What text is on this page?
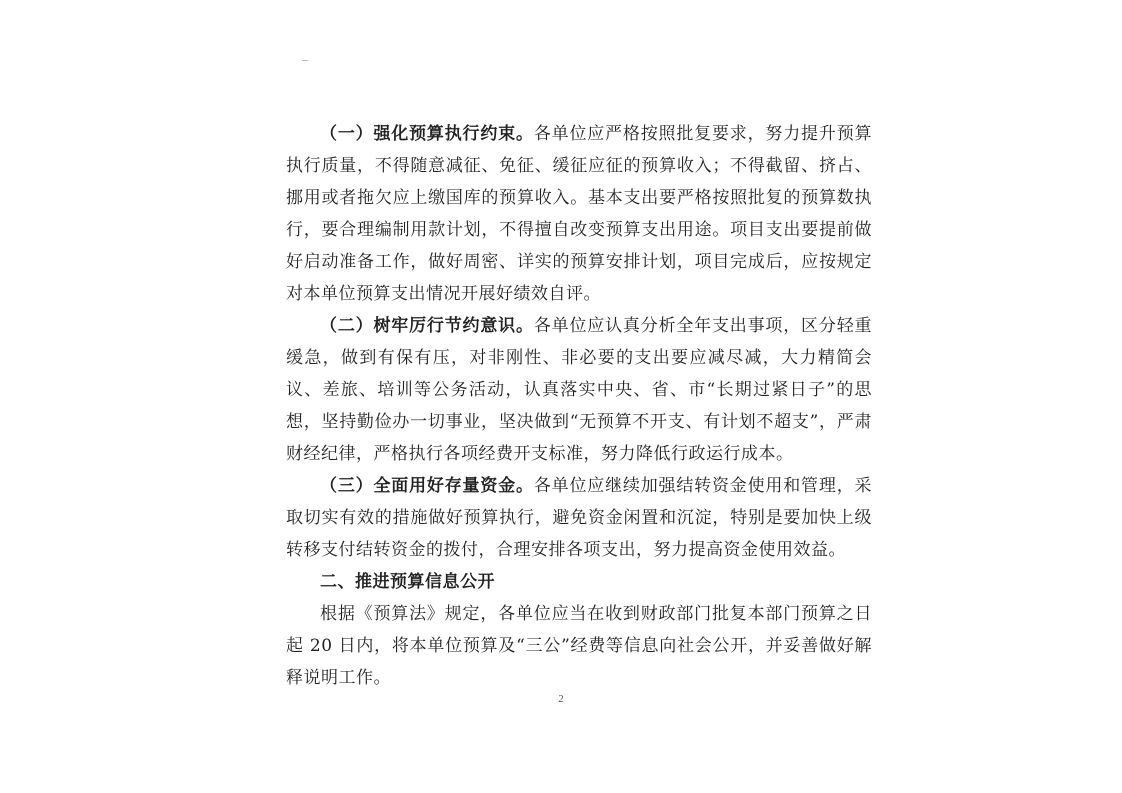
（一）强化预算执行约束。各单位应严格按照批复要求，努力提升预算执行质量，不得随意减征、免征、缓征应征的预算收入；不得截留、挤占、挪用或者拖欠应上缴国库的预算收入。基本支出要严格按照批复的预算数执行，要合理编制用款计划，不得擅自改变预算支出用途。项目支出要提前做好启动准备工作，做好周密、详实的预算安排计划，项目完成后，应按规定对本单位预算支出情况开展好绩效自评。

（二）树牢厉行节约意识。各单位应认真分析全年支出事项，区分轻重缓急，做到有保有压，对非刚性、非必要的支出要应减尽减，大力精简会议、差旅、培训等公务活动，认真落实中央、省、市“长期过紧日子”的思想，坚持勤俭办一切事业，坚决做到“无预算不开支、有计划不超支”，严肃财经纪律，严格执行各项经费开支标准，努力降低行政运行成本。

（三）全面用好存量资金。各单位应继续加强结转资金使用和管理，采取切实有效的措施做好预算执行，避免资金闲置和沉淀，特别是要加快上级转移支付结转资金的拨付，合理安排各项支出，努力提高资金使用效益。

二、推进预算信息公开

根据《预算法》规定，各单位应当在收到财政部门批复本部门预算之日起 20 日内，将本单位预算及“三公”经费等信息向社会公开，并妥善做好解释说明工作。

2
